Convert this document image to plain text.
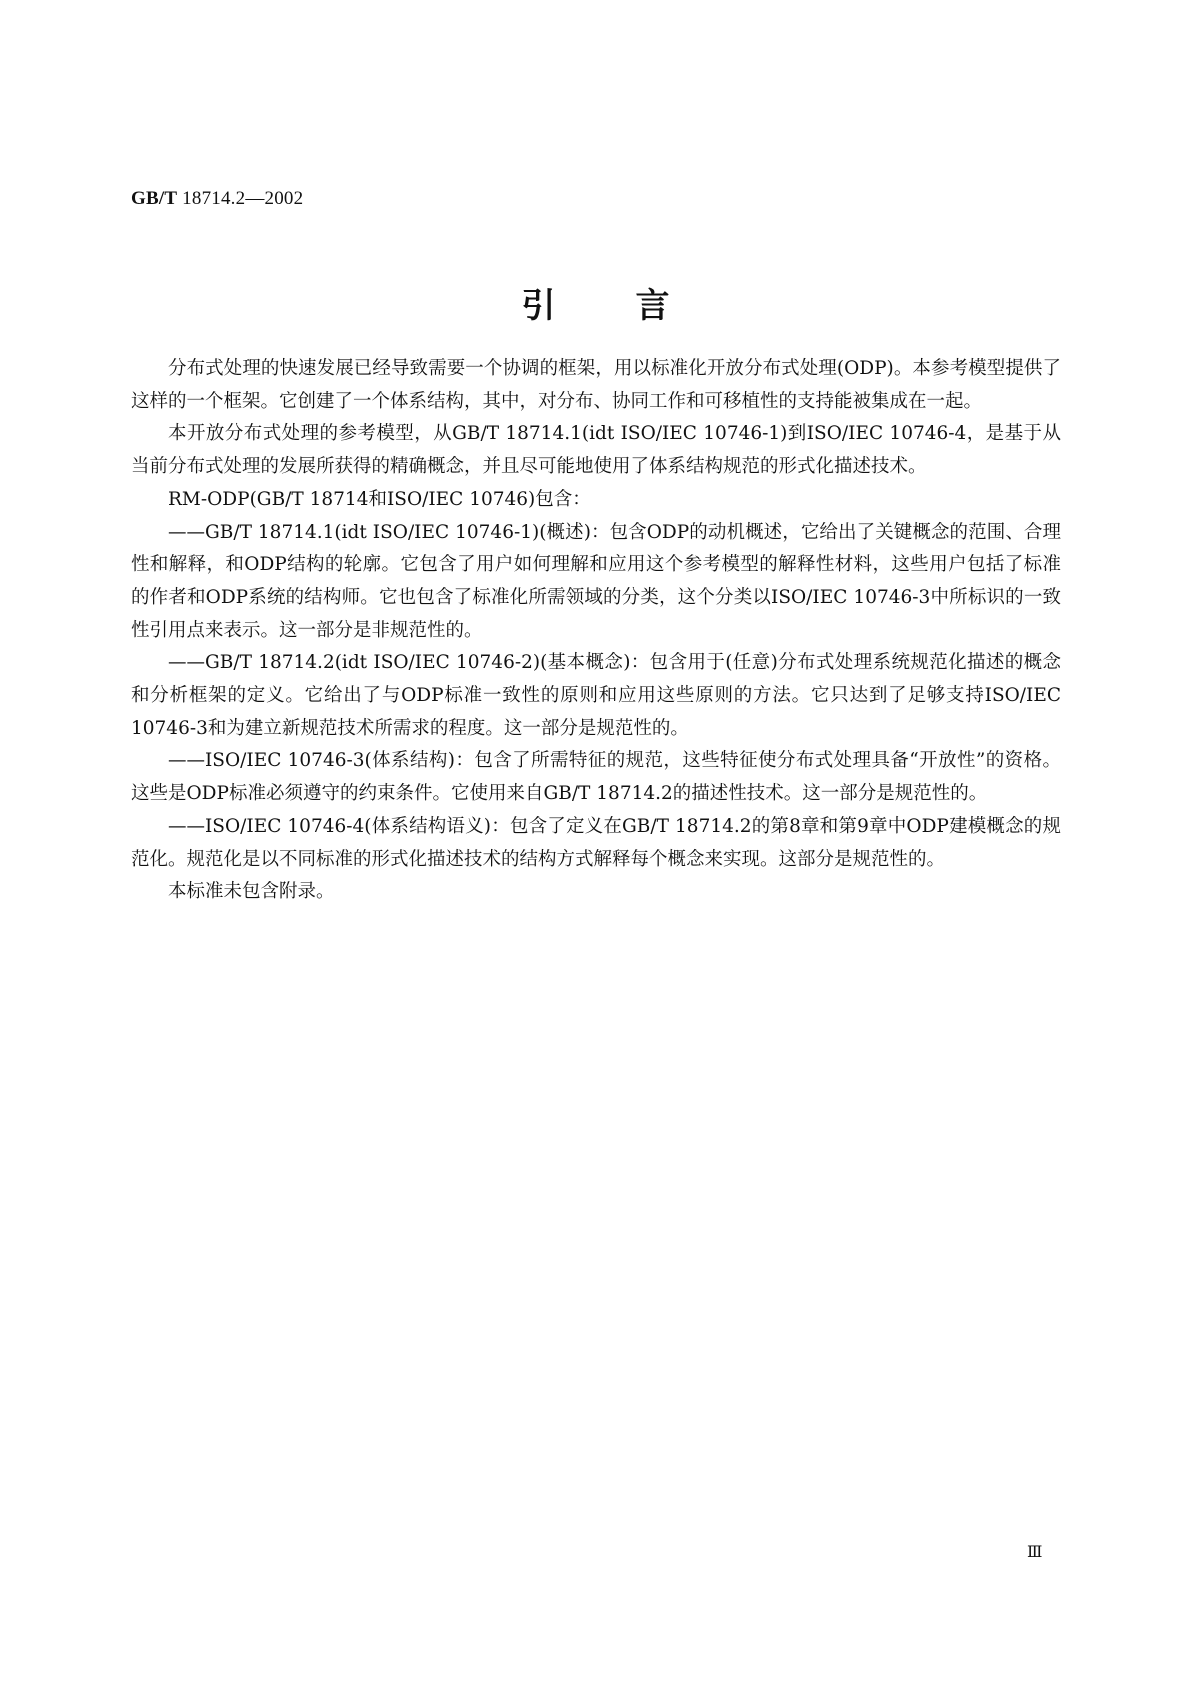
GB/T 18714.2—2002
引言

分布式处理的快速发展已经导致需要一个协调的框架，用以标准化开放分布式处理(ODP)。本参考模型提供了这样的一个框架。它创建了一个体系结构，其中，对分布、协同工作和可移植性的支持能被集成在一起。

本开放分布式处理的参考模型，从GB/T 18714.1(idt ISO/IEC 10746-1)到ISO/IEC 10746-4，是基于从当前分布式处理的发展所获得的精确概念，并且尽可能地使用了体系结构规范的形式化描述技术。

RM-ODP(GB/T 18714和ISO/IEC 10746)包含：

——GB/T 18714.1(idt ISO/IEC 10746-1)(概述)：包含ODP的动机概述，它给出了关键概念的范围、合理性和解释，和ODP结构的轮廓。它包含了用户如何理解和应用这个参考模型的解释性材料，这些用户包括了标准的作者和ODP系统的结构师。它也包含了标准化所需领域的分类，这个分类以ISO/IEC 10746-3中所标识的一致性引用点来表示。这一部分是非规范性的。

——GB/T 18714.2(idt ISO/IEC 10746-2)(基本概念)：包含用于(任意)分布式处理系统规范化描述的概念和分析框架的定义。它给出了与ODP标准一致性的原则和应用这些原则的方法。它只达到了足够支持ISO/IEC 10746-3和为建立新规范技术所需求的程度。这一部分是规范性的。

——ISO/IEC 10746-3(体系结构)：包含了所需特征的规范，这些特征使分布式处理具备“开放性”的资格。这些是ODP标准必须遵守的约束条件。它使用来自GB/T 18714.2的描述性技术。这一部分是规范性的。

——ISO/IEC 10746-4(体系结构语义)：包含了定义在GB/T 18714.2的第8章和第9章中ODP建模概念的规范化。规范化是以不同标准的形式化描述技术的结构方式解释每个概念来实现。这部分是规范性的。

本标准未包含附录。

Ⅲ
